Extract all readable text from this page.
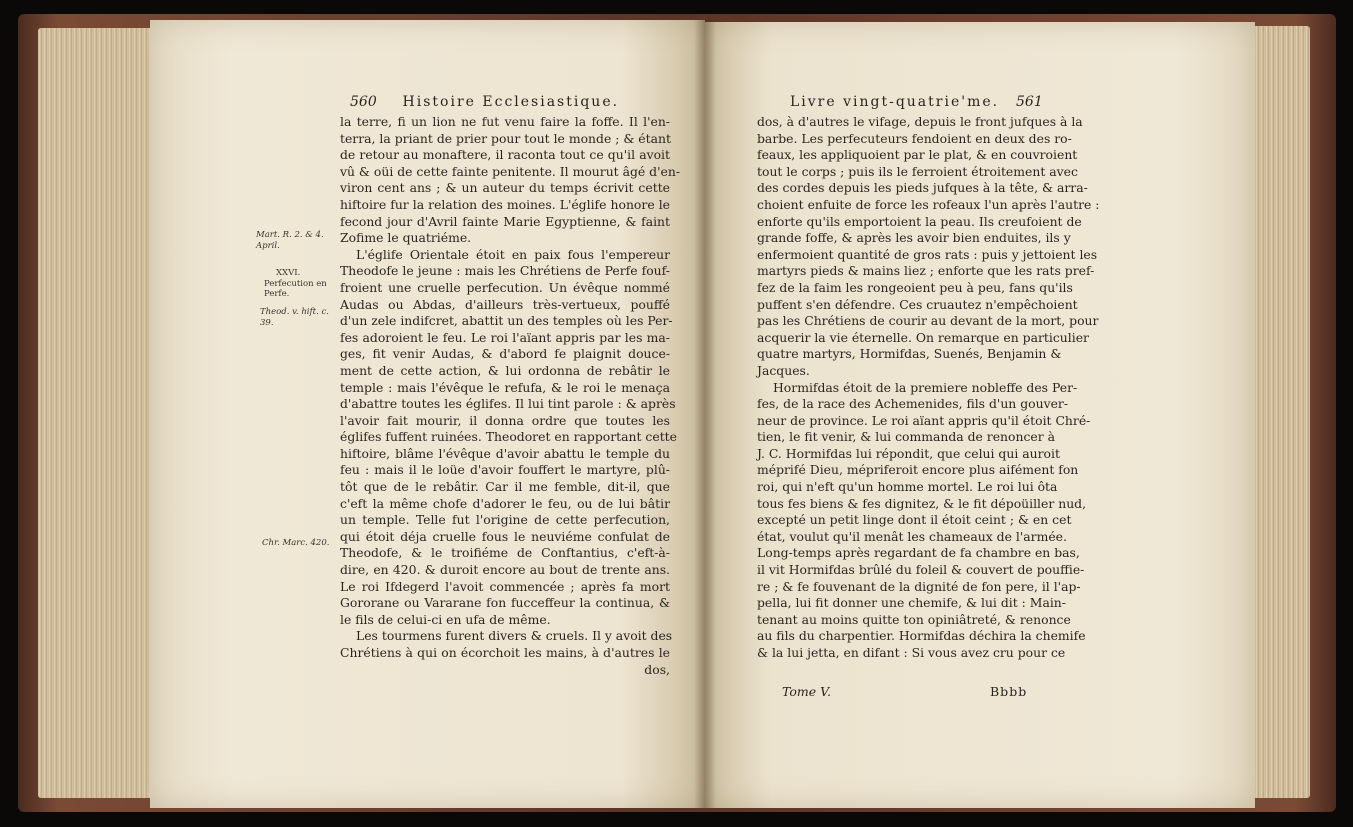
560 Histoire Ecclesiastique.
Mart. R. 2. & 4.
April.
XXVI.
Perfecution en
Perfe.
Theod. v. hift. c.
39.
Chr. Marc. 420.
la terre, fi un lion ne fut venu faire la foffe. Il l'en-
terra, la priant de prier pour tout le monde ; & étant
de retour au monaftere, il raconta tout ce qu'il avoit
vû & oüi de cette fainte penitente. Il mourut âgé d'en-
viron cent ans ; & un auteur du temps écrivit cette
hiftoire fur la relation des moines. L'églife honore le
fecond jour d'Avril fainte Marie Egyptienne, & faint
Zofime le quatriéme.
L'églife Orientale étoit en paix fous l'empereur
Theodofe le jeune : mais les Chrétiens de Perfe fouf-
froient une cruelle perfecution. Un évêque nommé
Audas ou Abdas, d'ailleurs très-vertueux, pouffé
d'un zele indifcret, abattit un des temples où les Per-
fes adoroient le feu. Le roi l'aïant appris par les ma-
ges, fit venir Audas, & d'abord fe plaignit douce-
ment de cette action, & lui ordonna de rebâtir le
temple : mais l'évêque le refufa, & le roi le menaça
d'abattre toutes les églifes. Il lui tint parole : & après
l'avoir fait mourir, il donna ordre que toutes les
églifes fuffent ruinées. Theodoret en rapportant cette
hiftoire, blâme l'évêque d'avoir abattu le temple du
feu : mais il le loüe d'avoir fouffert le martyre, plû-
tôt que de le rebâtir. Car il me femble, dit-il, que
c'eft la même chofe d'adorer le feu, ou de lui bâtir
un temple. Telle fut l'origine de cette perfecution,
qui étoit déja cruelle fous le neuviéme confulat de
Theodofe, & le troifiéme de Conftantius, c'eft-à-
dire, en 420. & duroit encore au bout de trente ans.
Le roi Ifdegerd l'avoit commencée ; après fa mort
Gororane ou Vararane fon fucceffeur la continua, &
le fils de celui-ci en ufa de même.
Les tourmens furent divers & cruels. Il y avoit des
Chrétiens à qui on écorchoit les mains, à d'autres le
dos,
Livre vingt-quatrie'me. 561
dos, à d'autres le vifage, depuis le front jufques à la
barbe. Les perfecuteurs fendoient en deux des ro-
feaux, les appliquoient par le plat, & en couvroient
tout le corps ; puis ils le ferroient étroitement avec
des cordes depuis les pieds jufques à la tête, & arra-
choient enfuite de force les rofeaux l'un après l'autre :
enforte qu'ils emportoient la peau. Ils creufoient de
grande foffe, & après les avoir bien enduites, ils y
enfermoient quantité de gros rats : puis y jettoient les
martyrs pieds & mains liez ; enforte que les rats pref-
fez de la faim les rongeoient peu à peu, fans qu'ils
puffent s'en défendre. Ces cruautez n'empêchoient
pas les Chrétiens de courir au devant de la mort, pour
acquerir la vie éternelle. On remarque en particulier
quatre martyrs, Hormifdas, Suenés, Benjamin &
Jacques.
Hormifdas étoit de la premiere nobleffe des Per-
fes, de la race des Achemenides, fils d'un gouver-
neur de province. Le roi aïant appris qu'il étoit Chré-
tien, le fit venir, & lui commanda de renoncer à
J. C. Hormifdas lui répondit, que celui qui auroit
méprifé Dieu, mépriferoit encore plus aifément fon
roi, qui n'eft qu'un homme mortel. Le roi lui ôta
tous fes biens & fes dignitez, & le fit dépoüiller nud,
excepté un petit linge dont il étoit ceint ; & en cet
état, voulut qu'il menât les chameaux de l'armée.
Long-temps après regardant de fa chambre en bas,
il vit Hormifdas brûlé du foleil & couvert de pouffie-
re ; & fe fouvenant de la dignité de fon pere, il l'ap-
pella, lui fit donner une chemife, & lui dit : Main-
tenant au moins quitte ton opiniâtreté, & renonce
au fils du charpentier. Hormifdas déchira la chemife
& la lui jetta, en difant : Si vous avez cru pour ce
Tome V.	Bbbb
